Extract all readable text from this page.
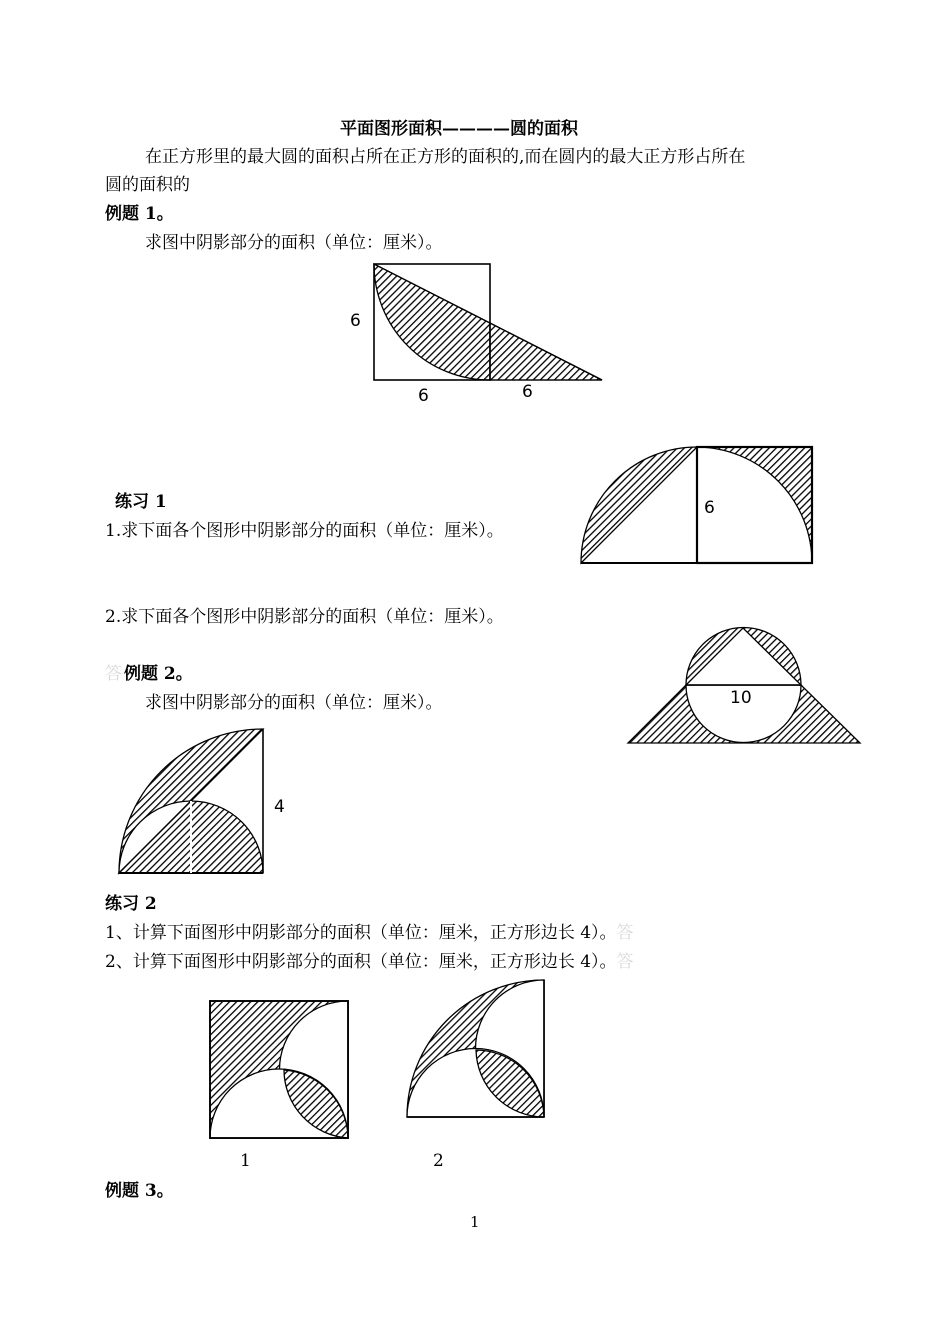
平面图形面积————圆的面积
在正方形里的最大圆的面积占所在正方形的面积的,而在圆内的最大正方形占所在
圆的面积的
例题 1。
求图中阴影部分的面积（单位：厘米）。
6
6	6
练习 1
1.求下面各个图形中阴影部分的面积（单位：厘米）。
2.求下面各个图形中阴影部分的面积（单位：厘米）。
6
10
答 例题 2。
求图中阴影部分的面积（单位：厘米）。
4
练习 2
1、计算下面图形中阴影部分的面积（单位：厘米，正方形边长 4）。答
2、计算下面图形中阴影部分的面积（单位：厘米，正方形边长 4）。答
1	2
例题 3。
1
